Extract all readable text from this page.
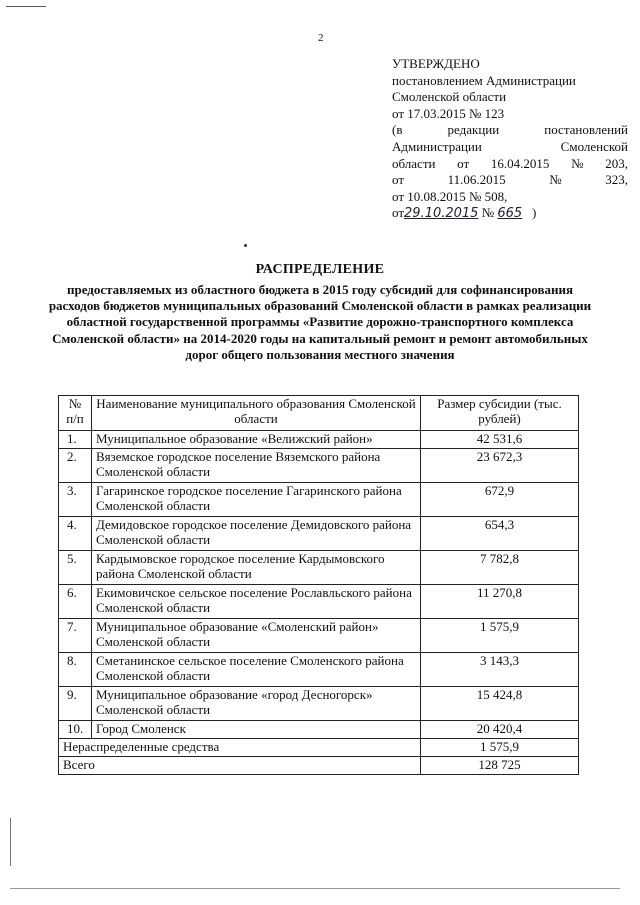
2
УТВЕРЖДЕНО
постановлением Администрации
Смоленской области
от 17.03.2015 № 123
(в	редакции	постановлений
Администрации	Смоленской
области от 16.04.2015 № 203,
от	11.06.2015	№	323,
от 10.08.2015 № 508,
от29.10.2015 № 665 )
РАСПРЕДЕЛЕНИЕ
предоставляемых из областного бюджета в 2015 году субсидий для софинансирования расходов бюджетов муниципальных образований Смоленской области в рамках реализации областной государственной программы «Развитие дорожно-транспортного комплекса Смоленской области» на 2014-2020 годы на капитальный ремонт и ремонт автомобильных дорог общего пользования местного значения
№ п/п	Наименование муниципального образования Смоленской области	Размер субсидии (тыс. рублей)
1.	Муниципальное образование «Велижский район»	42 531,6
2.	Вяземское городское поселение Вяземского района Смоленской области	23 672,3
3.	Гагаринское городское поселение Гагаринского района Смоленской области	672,9
4.	Демидовское городское поселение Демидовского района Смоленской области	654,3
5.	Кардымовское городское поселение Кардымовского района Смоленской области	7 782,8
6.	Екимовичское сельское поселение Рославльского района Смоленской области	11 270,8
7.	Муниципальное образование «Смоленский район» Смоленской области	1 575,9
8.	Сметанинское сельское поселение Смоленского района Смоленской области	3 143,3
9.	Муниципальное образование «город Десногорск» Смоленской области	15 424,8
10.	Город Смоленск	20 420,4
Нераспределенные средства		1 575,9
Всего		128 725
